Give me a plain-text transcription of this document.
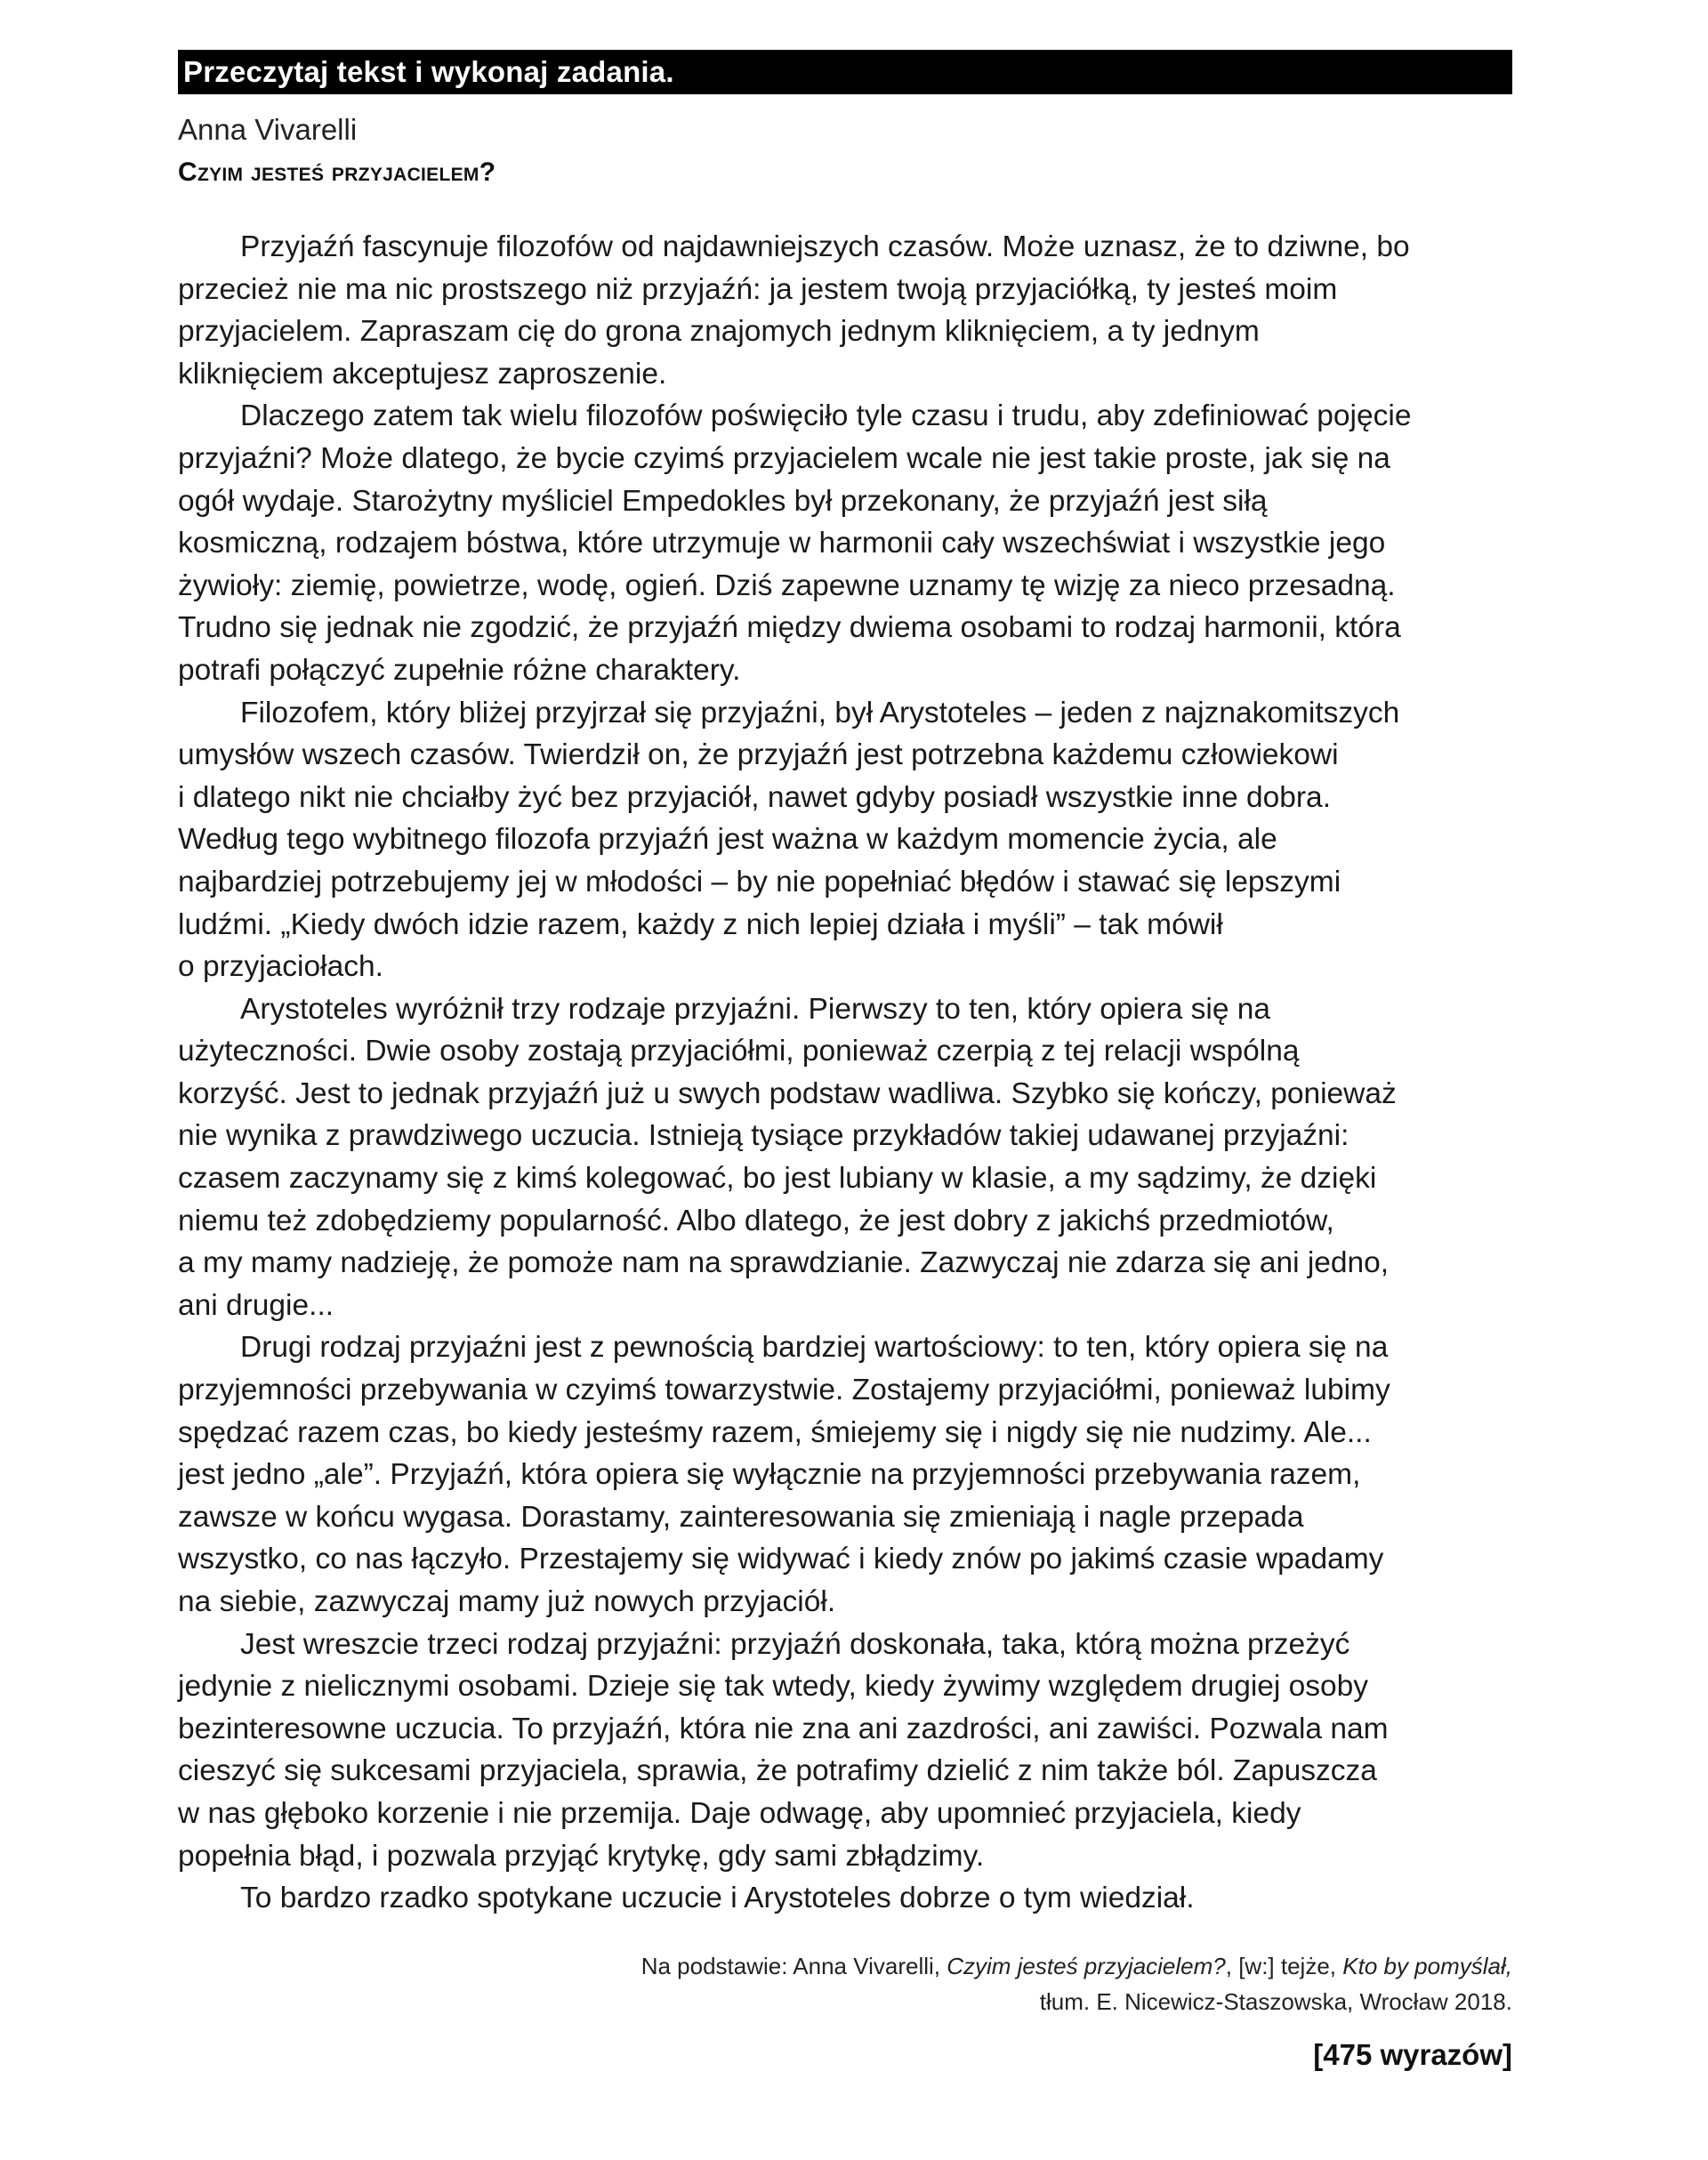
Przeczytaj tekst i wykonaj zadania.
Anna Vivarelli
Czyim jesteś przyjacielem?

Przyjaźń fascynuje filozofów od najdawniejszych czasów. Może uznasz, że to dziwne, bo
przecież nie ma nic prostszego niż przyjaźń: ja jestem twoją przyjaciółką, ty jesteś moim
przyjacielem. Zapraszam cię do grona znajomych jednym kliknięciem, a ty jednym
kliknięciem akceptujesz zaproszenie.

Dlaczego zatem tak wielu filozofów poświęciło tyle czasu i trudu, aby zdefiniować pojęcie
przyjaźni? Może dlatego, że bycie czyimś przyjacielem wcale nie jest takie proste, jak się na
ogół wydaje. Starożytny myśliciel Empedokles był przekonany, że przyjaźń jest siłą
kosmiczną, rodzajem bóstwa, które utrzymuje w harmonii cały wszechświat i wszystkie jego
żywioły: ziemię, powietrze, wodę, ogień. Dziś zapewne uznamy tę wizję za nieco przesadną.
Trudno się jednak nie zgodzić, że przyjaźń między dwiema osobami to rodzaj harmonii, która
potrafi połączyć zupełnie różne charaktery.

Filozofem, który bliżej przyjrzał się przyjaźni, był Arystoteles – jeden z najznakomitszych
umysłów wszech czasów. Twierdził on, że przyjaźń jest potrzebna każdemu człowiekowi
i dlatego nikt nie chciałby żyć bez przyjaciół, nawet gdyby posiadł wszystkie inne dobra.
Według tego wybitnego filozofa przyjaźń jest ważna w każdym momencie życia, ale
najbardziej potrzebujemy jej w młodości – by nie popełniać błędów i stawać się lepszymi
ludźmi. „Kiedy dwóch idzie razem, każdy z nich lepiej działa i myśli” – tak mówił
o przyjaciołach.

Arystoteles wyróżnił trzy rodzaje przyjaźni. Pierwszy to ten, który opiera się na
użyteczności. Dwie osoby zostają przyjaciółmi, ponieważ czerpią z tej relacji wspólną
korzyść. Jest to jednak przyjaźń już u swych podstaw wadliwa. Szybko się kończy, ponieważ
nie wynika z prawdziwego uczucia. Istnieją tysiące przykładów takiej udawanej przyjaźni:
czasem zaczynamy się z kimś kolegować, bo jest lubiany w klasie, a my sądzimy, że dzięki
niemu też zdobędziemy popularność. Albo dlatego, że jest dobry z jakichś przedmiotów,
a my mamy nadzieję, że pomoże nam na sprawdzianie. Zazwyczaj nie zdarza się ani jedno,
ani drugie...

Drugi rodzaj przyjaźni jest z pewnością bardziej wartościowy: to ten, który opiera się na
przyjemności przebywania w czyimś towarzystwie. Zostajemy przyjaciółmi, ponieważ lubimy
spędzać razem czas, bo kiedy jesteśmy razem, śmiejemy się i nigdy się nie nudzimy. Ale...
jest jedno „ale”. Przyjaźń, która opiera się wyłącznie na przyjemności przebywania razem,
zawsze w końcu wygasa. Dorastamy, zainteresowania się zmieniają i nagle przepada
wszystko, co nas łączyło. Przestajemy się widywać i kiedy znów po jakimś czasie wpadamy
na siebie, zazwyczaj mamy już nowych przyjaciół.

Jest wreszcie trzeci rodzaj przyjaźni: przyjaźń doskonała, taka, którą można przeżyć
jedynie z nielicznymi osobami. Dzieje się tak wtedy, kiedy żywimy względem drugiej osoby
bezinteresowne uczucia. To przyjaźń, która nie zna ani zazdrości, ani zawiści. Pozwala nam
cieszyć się sukcesami przyjaciela, sprawia, że potrafimy dzielić z nim także ból. Zapuszcza
w nas głęboko korzenie i nie przemija. Daje odwagę, aby upomnieć przyjaciela, kiedy
popełnia błąd, i pozwala przyjąć krytykę, gdy sami zbłądzimy.

To bardzo rzadko spotykane uczucie i Arystoteles dobrze o tym wiedział.

Na podstawie: Anna Vivarelli, Czyim jesteś przyjacielem?, [w:] tejże, Kto by pomyślał,
tłum. E. Nicewicz-Staszowska, Wrocław 2018.
[475 wyrazów]
